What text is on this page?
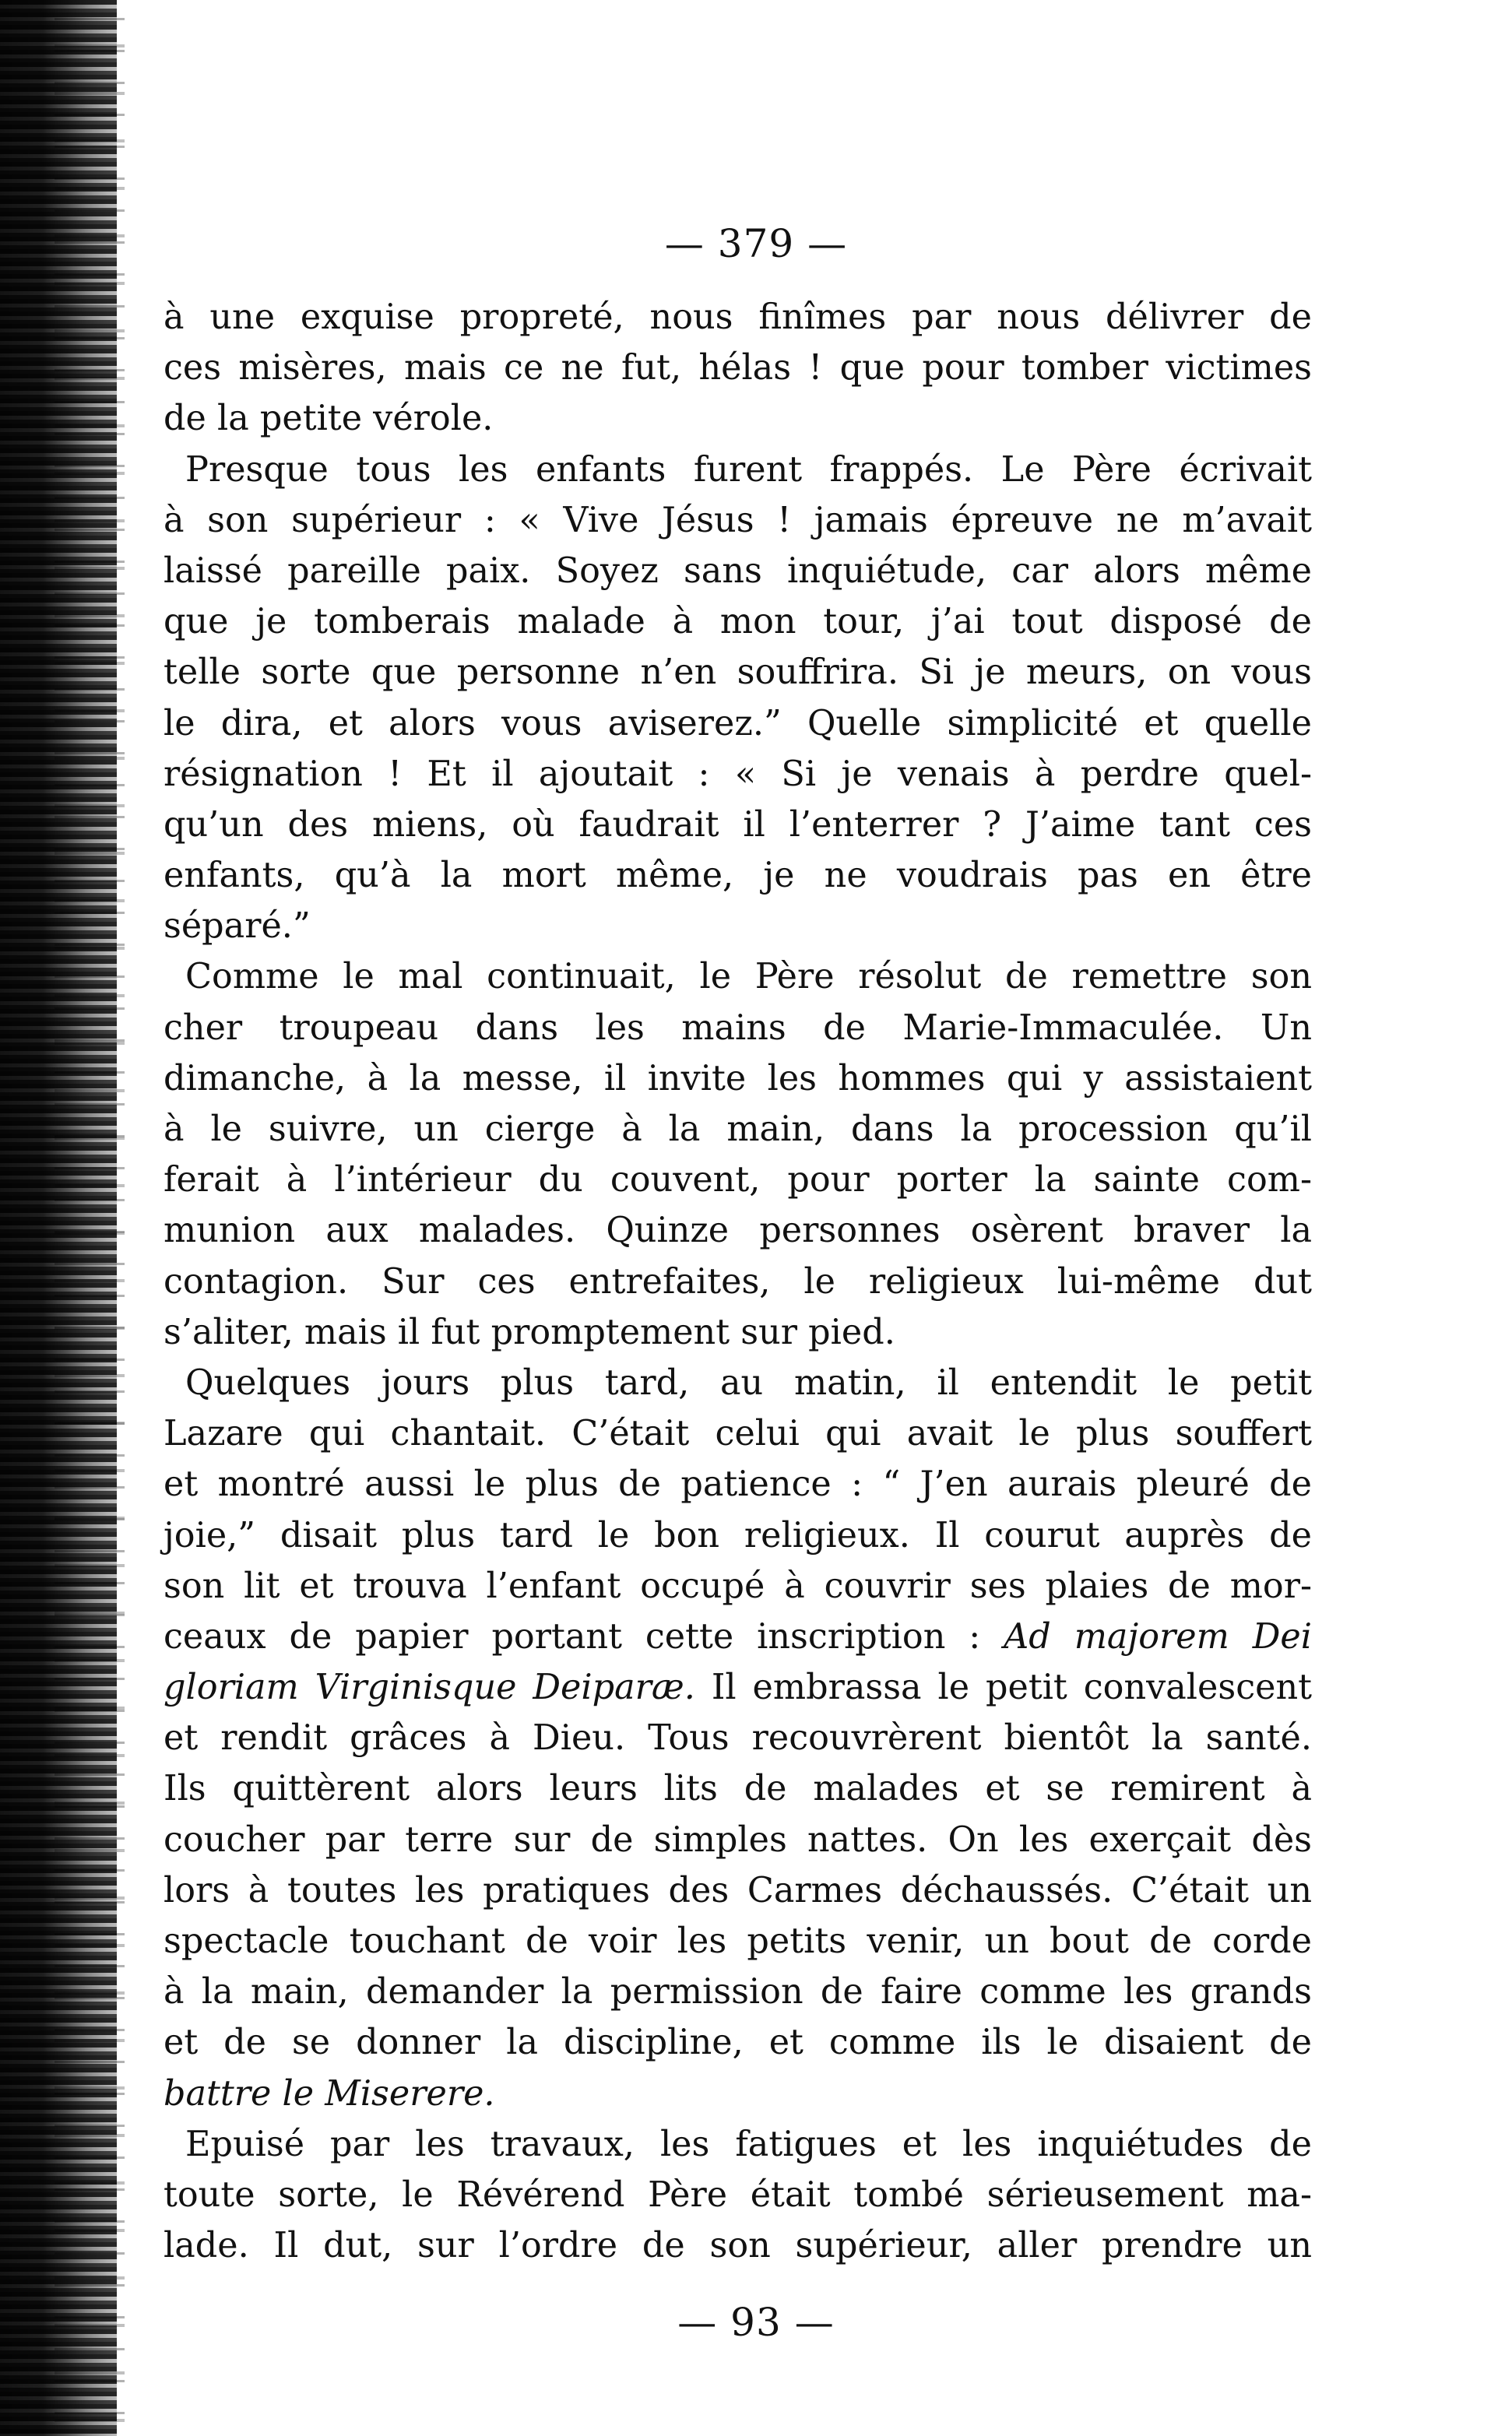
— 379 —
à une exquise propreté, nous finîmes par nous délivrer de
ces misères, mais ce ne fut, hélas ! que pour tomber victimes
de la petite vérole.
Presque tous les enfants furent frappés. Le Père écrivait
à son supérieur : « Vive Jésus ! jamais épreuve ne m’avait
laissé pareille paix. Soyez sans inquiétude, car alors même
que je tomberais malade à mon tour, j’ai tout disposé de
telle sorte que personne n’en souffrira. Si je meurs, on vous
le dira, et alors vous aviserez.” Quelle simplicité et quelle
résignation ! Et il ajoutait : « Si je venais à perdre quel-
qu’un des miens, où faudrait il l’enterrer ? J’aime tant ces
enfants, qu’à la mort même, je ne voudrais pas en être
séparé.”
Comme le mal continuait, le Père résolut de remettre son
cher troupeau dans les mains de Marie-Immaculée. Un
dimanche, à la messe, il invite les hommes qui y assistaient
à le suivre, un cierge à la main, dans la procession qu’il
ferait à l’intérieur du couvent, pour porter la sainte com-
munion aux malades. Quinze personnes osèrent braver la
contagion. Sur ces entrefaites, le religieux lui-même dut
s’aliter, mais il fut promptement sur pied.
Quelques jours plus tard, au matin, il entendit le petit
Lazare qui chantait. C’était celui qui avait le plus souffert
et montré aussi le plus de patience : “ J’en aurais pleuré de
joie,” disait plus tard le bon religieux. Il courut auprès de
son lit et trouva l’enfant occupé à couvrir ses plaies de mor-
ceaux de papier portant cette inscription : Ad majorem Dei
gloriam Virginisque Deiparæ. Il embrassa le petit convalescent
et rendit grâces à Dieu. Tous recouvrèrent bientôt la santé.
Ils quittèrent alors leurs lits de malades et se remirent à
coucher par terre sur de simples nattes. On les exerçait dès
lors à toutes les pratiques des Carmes déchaussés. C’était un
spectacle touchant de voir les petits venir, un bout de corde
à la main, demander la permission de faire comme les grands
et de se donner la discipline, et comme ils le disaient de
battre le Miserere.
Epuisé par les travaux, les fatigues et les inquiétudes de
toute sorte, le Révérend Père était tombé sérieusement ma-
lade. Il dut, sur l’ordre de son supérieur, aller prendre un
— 93 —
